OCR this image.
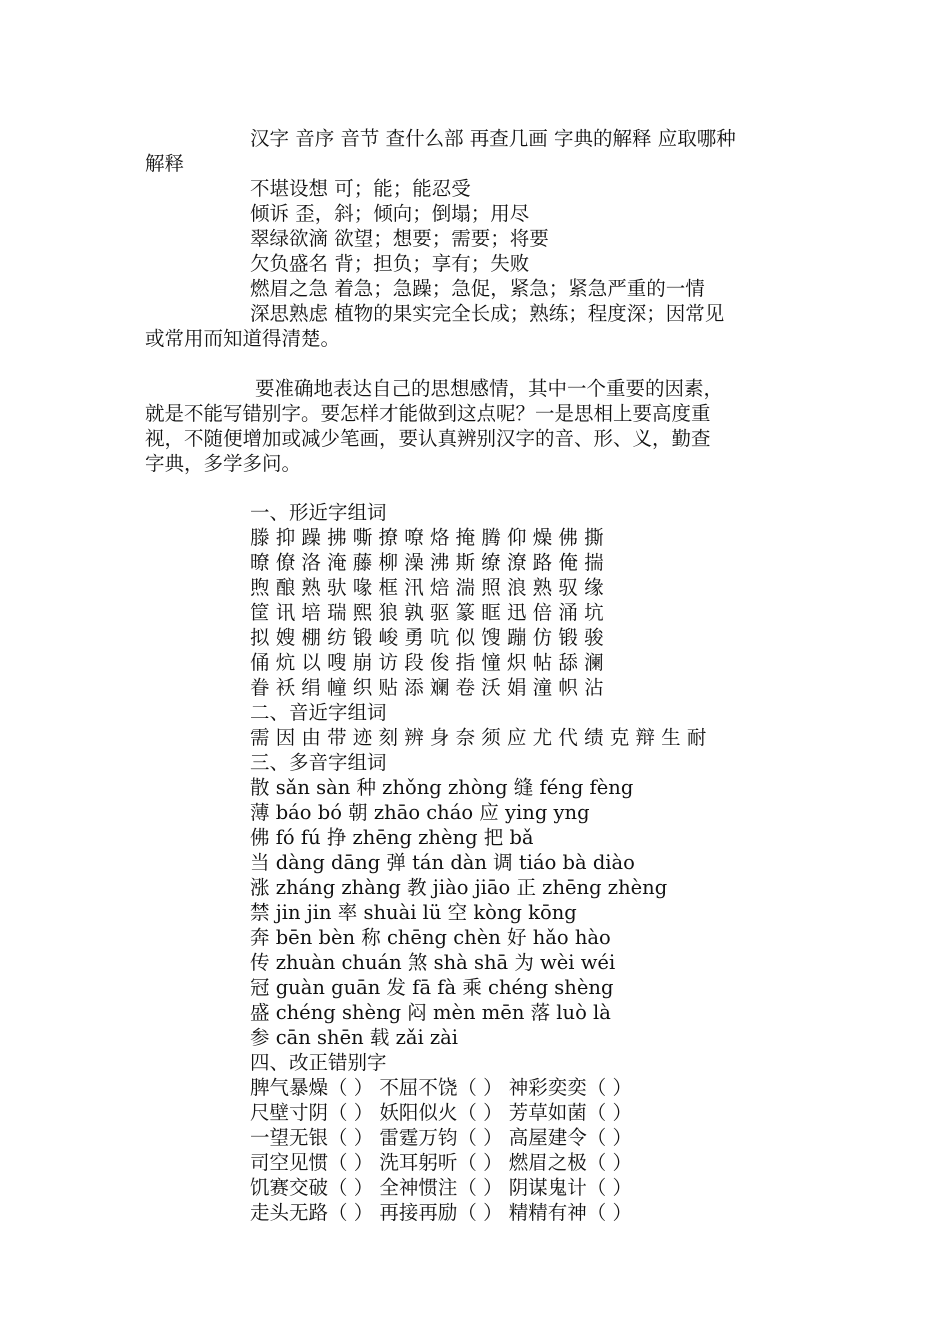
汉字 音序 音节 查什么部 再查几画 字典的解释 应取哪种

解释

不堪设想 可；能；能忍受

倾诉 歪，斜；倾向；倒塌；用尽

翠绿欲滴 欲望；想要；需要；将要

欠负盛名 背；担负；享有；失败

燃眉之急 着急；急躁；急促，紧急；紧急严重的一情

深思熟虑 植物的果实完全长成；熟练；程度深；因常见

或常用而知道得清楚。

要准确地表达自己的思想感情，其中一个重要的因素，

就是不能写错别字。要怎样才能做到这点呢？一是思相上要高度重

视，不随便增加或减少笔画，要认真辨别汉字的音、形、义，勤查

字典，多学多问。

一、形近字组词

滕 抑 躁 拂 嘶 撩 嘹 烙 掩 腾 仰 燥 佛 撕

暸 僚 洛 淹 藤 柳 澡 沸 斯 缭 潦 路 俺 揣

煦 酿 熟 驮 喙 框 汛 焙 湍 照 浪 熟 驭 缘

筐 讯 培 瑞 熙 狼 孰 驱 篆 眶 迅 倍 涌 坑

拟 嫂 棚 纺 锻 峻 勇 吭 似 馊 蹦 仿 锻 骏

俑 炕 以 嗖 崩 访 段 俊 指 憧 炽 帖 舔 澜

眷 袄 绢 幢 织 贴 添 斓 卷 沃 娟 潼 帜 沾

二、音近字组词

需 因 由 带 迹 刻 辨 身 奈 须 应 尤 代 绩 克 辩 生 耐

三、多音字组词

散 sǎn sàn 种 zhǒng zhòng 缝 féng fèng

薄 báo bó 朝 zhāo cháo 应 ying yng

佛 fó fú 挣 zhēng zhèng 把 bǎ

当 dàng dāng 弹 tán dàn 调 tiáo bà diào

涨 zháng zhàng 教 jiào jiāo 正 zhēng zhèng

禁 jin jin 率 shuài lü 空 kòng kōng

奔 bēn bèn 称 chēng chèn 好 hǎo hào

传 zhuàn chuán 煞 shà shā 为 wèi wéi

冠 guàn guān 发 fā fà 乘 chéng shèng

盛 chéng shèng 闷 mèn mēn 落 luò là

参 cān shēn 载 zǎi zài

四、改正错别字

脾气暴燥（ ） 不屈不饶（ ） 神彩奕奕（ ）

尺壁寸阴（ ） 妖阳似火（ ） 芳草如菌（ ）

一望无银（ ） 雷霆万钧（ ） 高屋建令（ ）

司空见惯（ ） 洗耳躬听（ ） 燃眉之极（ ）

饥赛交破（ ） 全神惯注（ ） 阴谋鬼计（ ）

走头无路（ ） 再接再励（ ） 精精有神（ ）
